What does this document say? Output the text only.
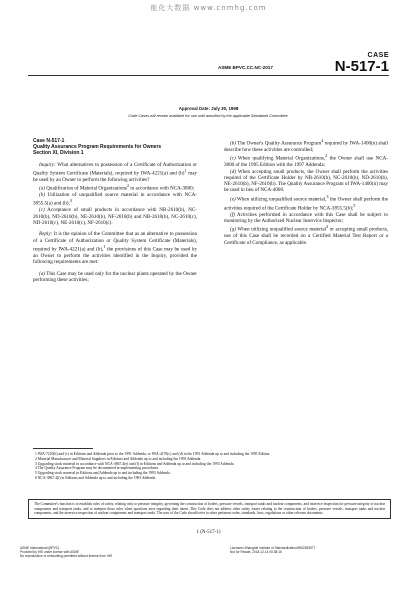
能化大数据 www.cnmhg.com
ASME BPVC.CC.NC-2017
CASE
N-517-1
Approval Date: July 30, 1998
Code Cases will remain available for use until annulled by the applicable Standards Committee.
Case N-517-1
Quality Assurance Program Requirements for Owners
Section XI, Division 1

Inquiry: What alternatives to possession of a Certificate of Authorization or Quality System Certificate (Materials), required by IWA-4221(a) and $(b)^1$ may be used by an Owner to perform the following activities?

(a) Qualification of Material Organizations$^2$ in accordance with NCA-3800;

(b) Utilization of unqualified source material in accordance with NCA-3855.5(a) and (b);$^3$

(c) Acceptance of small products in accordance with NB-2610(b), NC-2610(b), ND-2610(b), NE-2610(b), NF-2610(b) and NB-2610(b), NC-2610(c), ND-2610(c), NE-2610(c), NF-2610(c).

Reply: It is the opinion of the Committee that as an alternative to possession of a Certificate of Authorization or Quality System Certificate (Materials), required by IWA-4221(a) and (b),$^1$ the provisions of this Case may be used by an Owner to perform the activities identified in the Inquiry, provided the following requirements are met:

(a) This Case may be used only for the nuclear plants operated by the Owner performing these activities;

(b) The Owner's Quality Assurance Program$^4$ required by IWA-1400(n) shall describe how these activities are controlled;

(c) When qualifying Material Organizations,$^2$ the Owner shall use NCA-3800 of the 1995 Edition with the 1997 Addenda;

(d) When accepting small products, the Owner shall perform the activities required of the Certificate Holder by NB-2610(b), NC-2610(b), ND-2610(b), NE-2610(b), NF-2610(b). The Quality Assurance Program of IWA-1400(n) may be used in lieu of NCA-4000.

(e) When utilizing unqualified source material,$^3$ the Owner shall perform the activities required of the Certificate Holder by NCA-3855.5(b);$^5$

(f) Activities performed in accordance with this Case shall be subject to monitoring by the Authorized Nuclear Inservice Inspector;

(g) When utilizing unqualified source material$^3$ or accepting small products, use of this Case shall be recorded on a Certified Material Test Report or a Certificate of Compliance, as applicable.

1 IWA-7210(b) and (c) in Editions and Addenda prior to the 1991 Addenda, or IWA-4170(c) and (d) in the 1991 Addenda up to and including the 1995 Edition.
2 Material Manufacturer and Material Suppliers in Editions and Addenda up to and including the 1993 Addenda.
3 Upgrading stock material in accordance with NCA-3867.4(e) and (f) in Editions and Addenda up to and including the 1993 Addenda.
4 The Quality Assurance Program may be documented in implementing procedures.
5 Upgrading stock material in Editions and Addenda up to and including the 1993 Addenda.
6 NCA-3867.4(f) in Editions and Addenda up to and including the 1993 Addenda.
The Committee's function is to establish rules of safety, relating only to pressure integrity, governing the construction of boilers, pressure vessels, transport tanks and nuclear components, and inservice inspection for pressure integrity of nuclear components and transport tanks, and to interpret these rules when questions arise regarding their intent. This Code does not address other safety issues relating to the construction of boilers, pressure vessels, transport tanks and nuclear components, and the inservice inspection of nuclear components and transport tanks. The user of the Code should refer to other pertinent codes, standards, laws, regulations or other relevant documents.
1 (N-517-1)
ASME International (BPVC)
Provided by IHS under license with ASME
No reproduction or networking permitted without license from IHS
Licensee=Shanghai Institute of Standardization/5962833977
Not for Resale, 2018-12-14 00:38:15
